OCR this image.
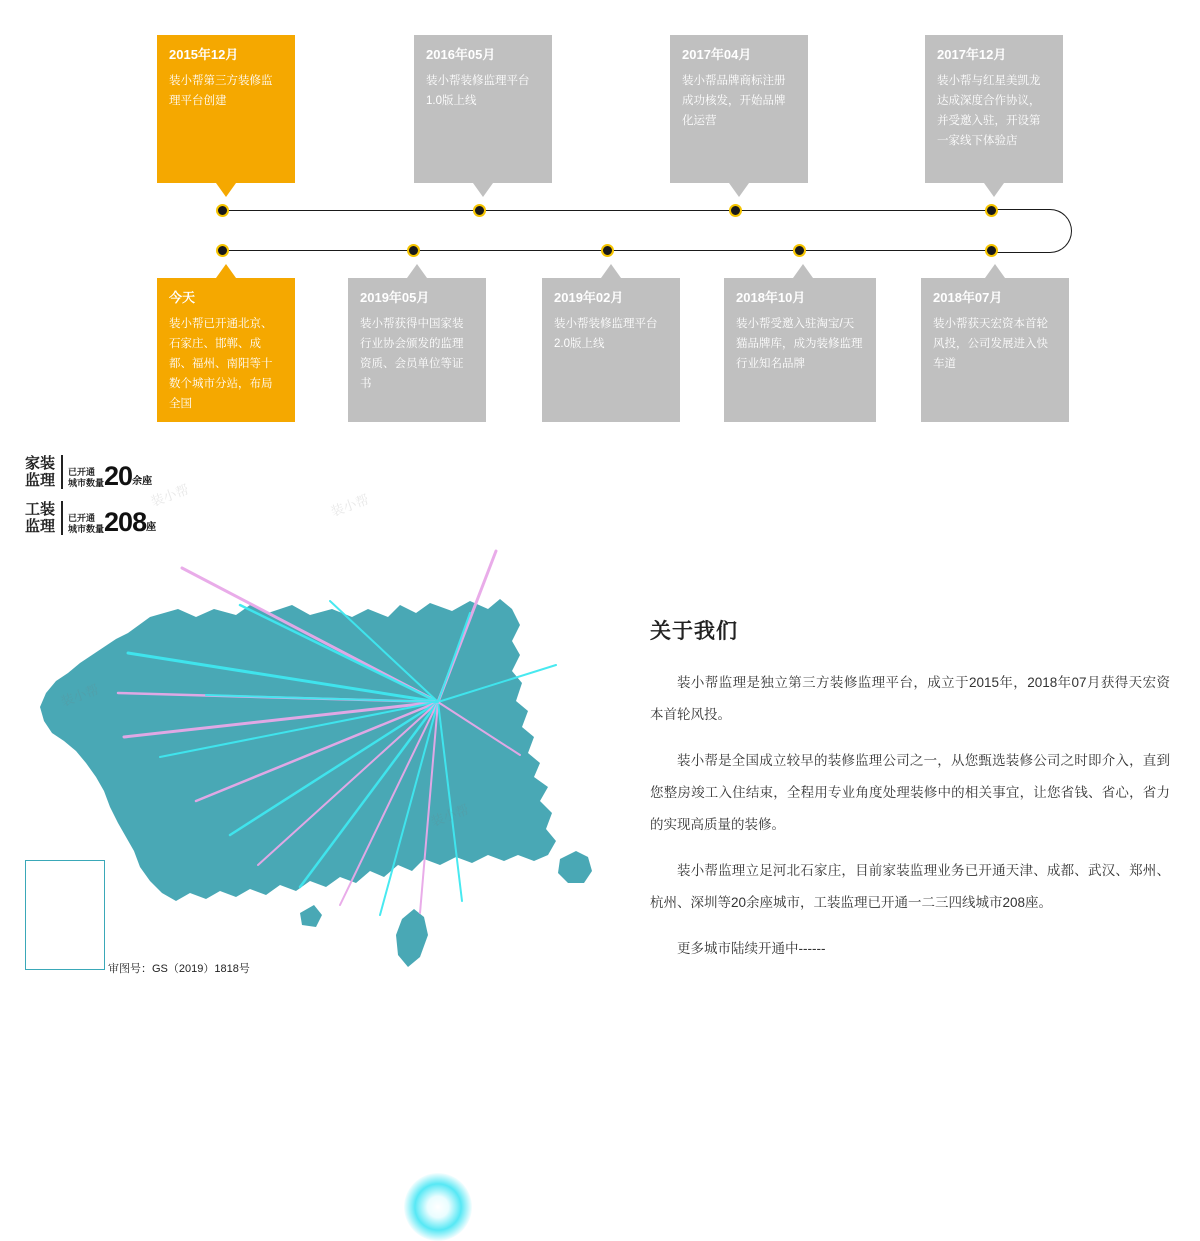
2015年12月
装小帮第三方装修监理平台创建
2016年05月
装小帮装修监理平台1.0版上线
2017年04月
装小帮品牌商标注册成功核发，开始品牌化运营
2017年12月
装小帮与红星美凯龙达成深度合作协议，并受邀入驻，开设第一家线下体验店
今天
装小帮已开通北京、石家庄、邯郸、成都、福州、南阳等十数个城市分站，布局全国
2019年05月
装小帮获得中国家装行业协会颁发的监理资质、会员单位等证书
2019年02月
装小帮装修监理平台2.0版上线
2018年10月
装小帮受邀入驻淘宝/天猫品牌库，成为装修监理行业知名品牌
2018年07月
装小帮获天宏资本首轮风投，公司发展进入快车道
家装
监理 已开通
城市数量 20 余座
工装
监理 已开通
城市数量 208 座
装小帮	装小帮
审图号：GS（2019）1818号
关于我们

装小帮监理是独立第三方装修监理平台，成立于2015年，2018年07月获得天宏资本首轮风投。

装小帮是全国成立较早的装修监理公司之一，从您甄选装修公司之时即介入，直到您整房竣工入住结束，全程用专业角度处理装修中的相关事宜，让您省钱、省心，省力的实现高质量的装修。

装小帮监理立足河北石家庄，目前家装监理业务已开通天津、成都、武汉、郑州、杭州、深圳等20余座城市，工装监理已开通一二三四线城市208座。

更多城市陆续开通中------
